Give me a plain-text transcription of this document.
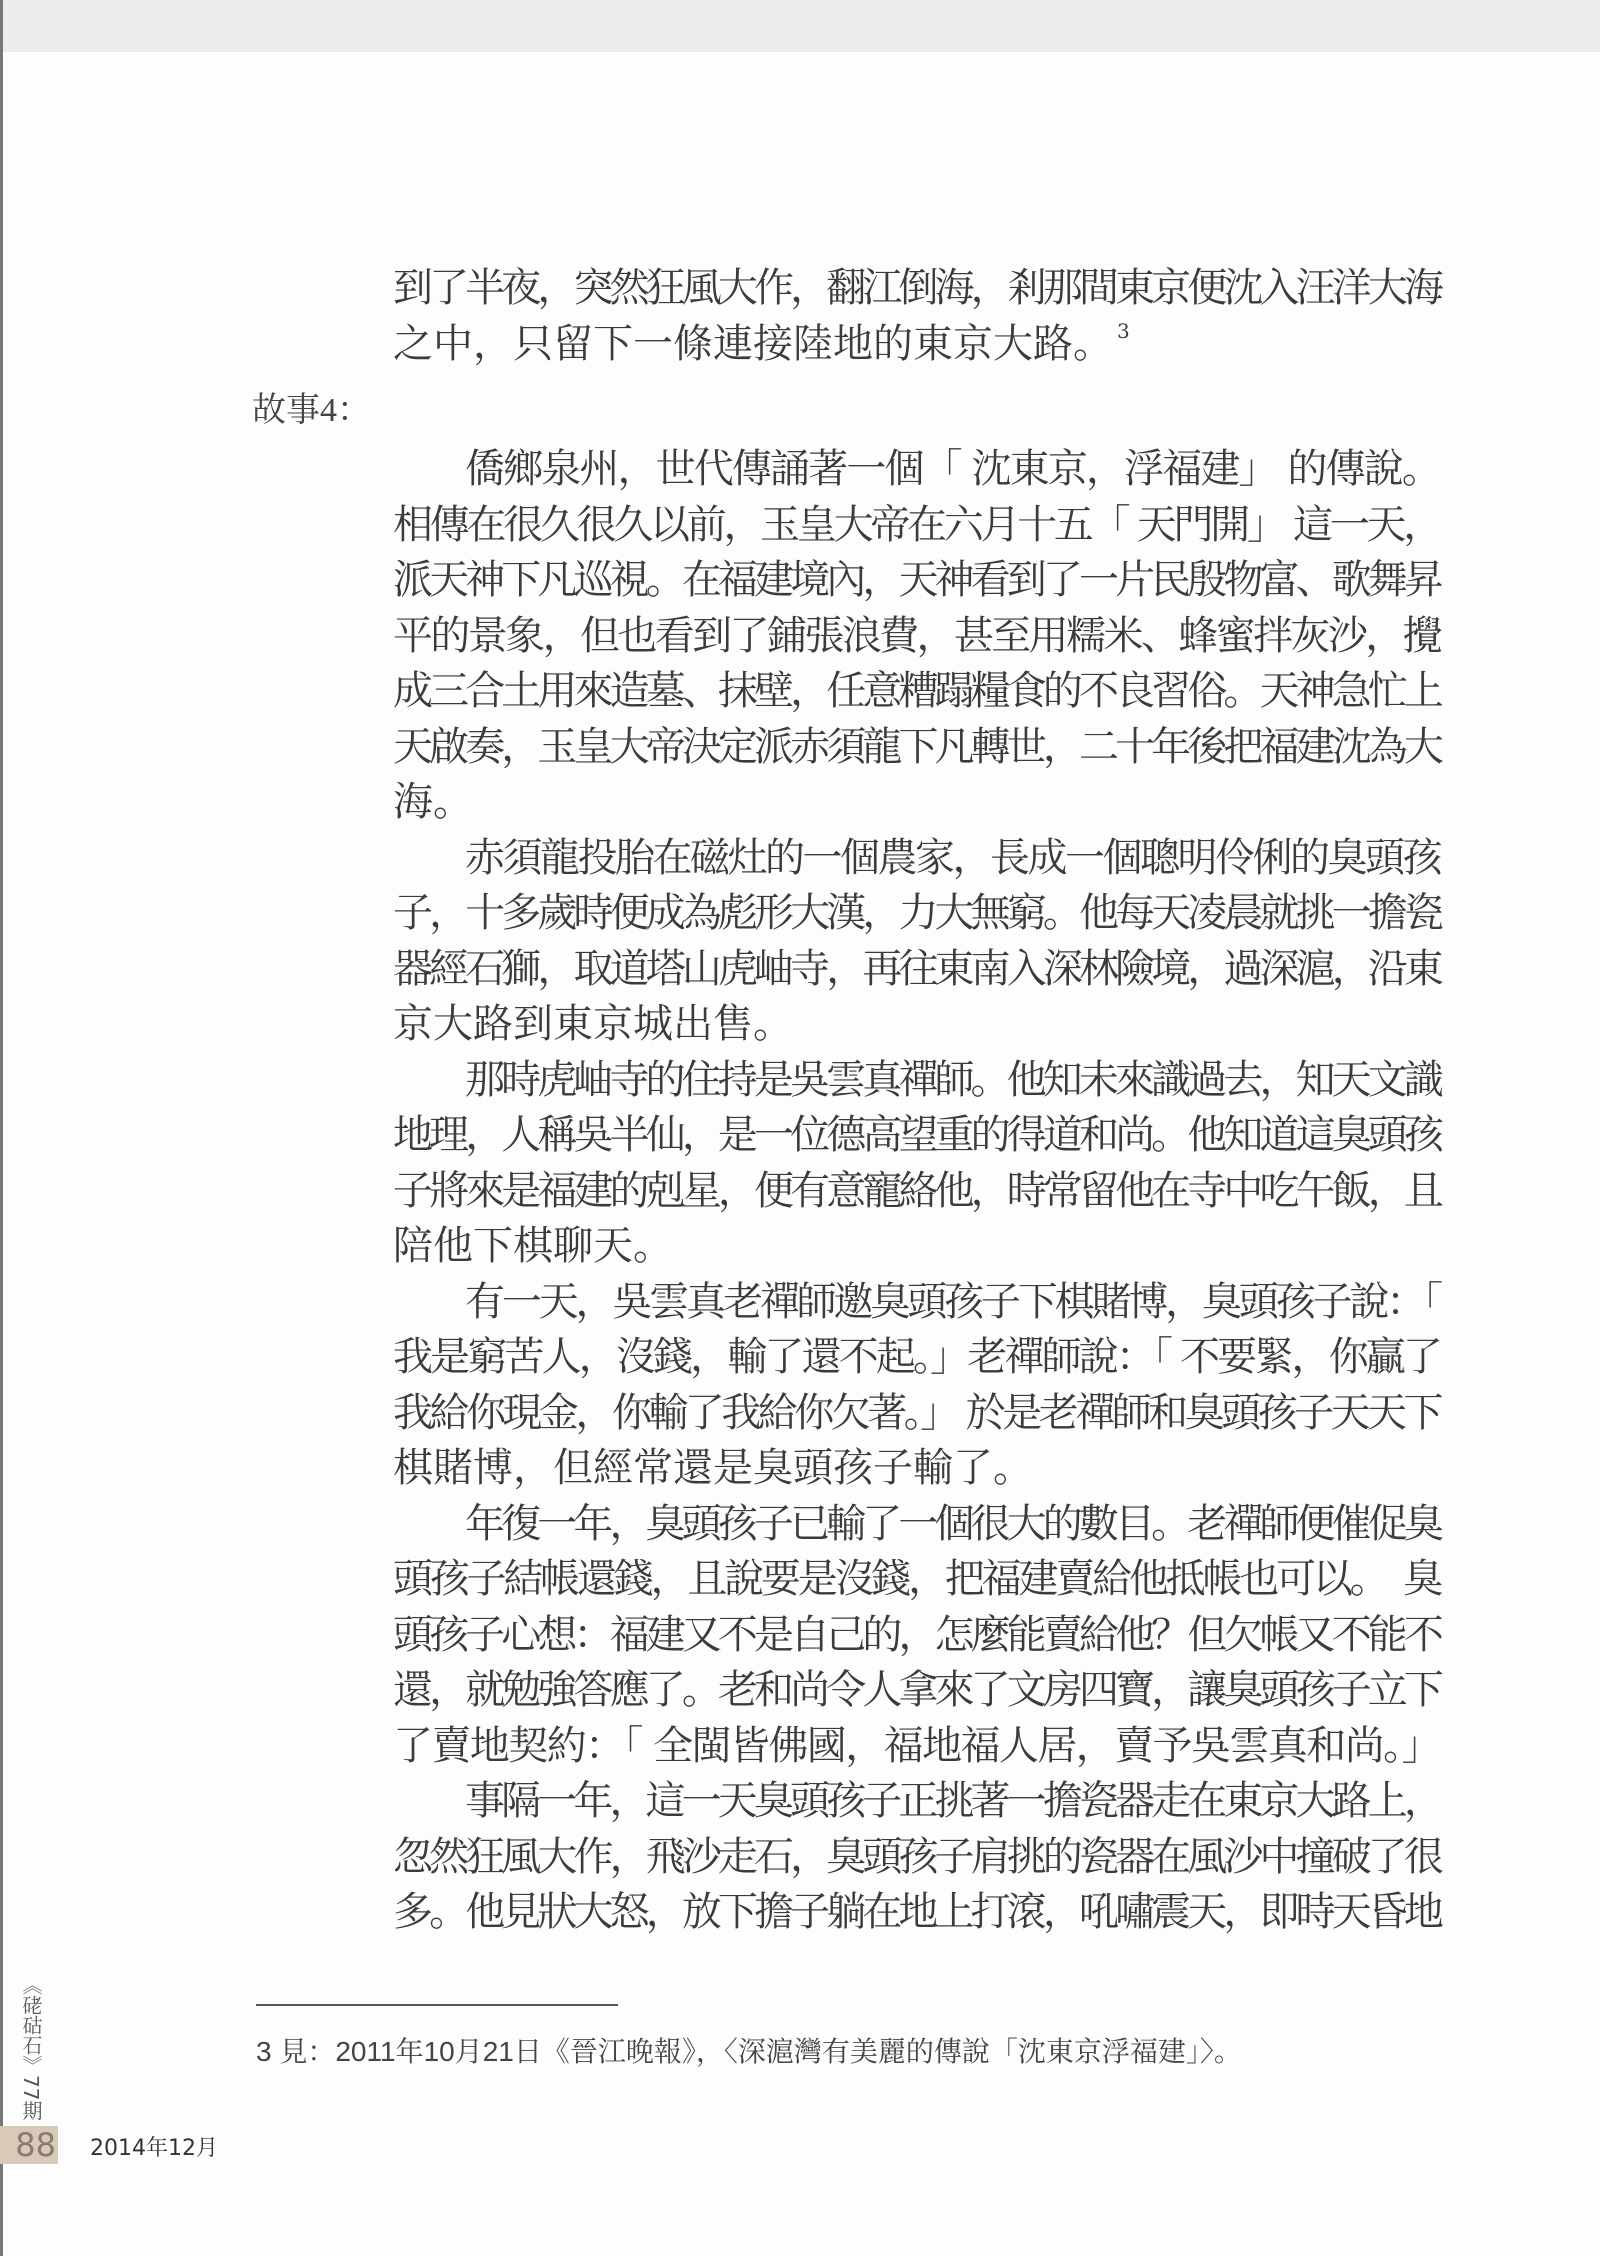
到了半夜，突然狂風大作，翻江倒海，剎那間東京便沈入汪洋大海
之中，只留下一條連接陸地的東京大路。 $^3$
故事4：
僑鄉泉州，世代傳誦著一個「 沈東京，浮福建」 的傳說。
相傳在很久很久以前，玉皇大帝在六月十五「 天門開」 這一天，
派天神下凡巡視。在福建境內，天神看到了一片民殷物富、歌舞昇
平的景象，但也看到了鋪張浪費，甚至用糯米、蜂蜜拌灰沙，攪
成三合土用來造墓、抹壁，任意糟蹋糧食的不良習俗。天神急忙上
天啟奏，玉皇大帝決定派赤須龍下凡轉世，二十年後把福建沈為大
海。
赤須龍投胎在磁灶的一個農家，長成一個聰明伶俐的臭頭孩
子，十多歲時便成為彪形大漢，力大無窮。他每天凌晨就挑一擔瓷
器經石獅，取道塔山虎岫寺，再往東南入深林險境，過深滬，沿東
京大路到東京城出售。
那時虎岫寺的住持是吳雲真禪師。他知未來識過去，知天文識
地理，人稱吳半仙，是一位德高望重的得道和尚。他知道這臭頭孩
子將來是福建的剋星，便有意寵絡他，時常留他在寺中吃午飯，且
陪他下棋聊天。
有一天，吳雲真老禪師邀臭頭孩子下棋賭博，臭頭孩子說：「
我是窮苦人，沒錢，輸了還不起。」老禪師說：「 不要緊，你贏了
我給你現金，你輸了我給你欠著。」 於是老禪師和臭頭孩子天天下
棋賭博，但經常還是臭頭孩子輸了。
年復一年，臭頭孩子已輸了一個很大的數目。老禪師便催促臭
頭孩子結帳還錢，且說要是沒錢，把福建賣給他抵帳也可以。　臭
頭孩子心想：福建又不是自己的，怎麼能賣給他？但欠帳又不能不
還，就勉強答應了。老和尚令人拿來了文房四寶，讓臭頭孩子立下
了賣地契約：「 全閩皆佛國，福地福人居，賣予吳雲真和尚。」
事隔一年，這一天臭頭孩子正挑著一擔瓷器走在東京大路上，
忽然狂風大作，飛沙走石，臭頭孩子肩挑的瓷器在風沙中撞破了很
多。他見狀大怒，放下擔子躺在地上打滾，吼嘯震天，即時天昏地
3 見：2011年10月21日《晉江晚報》，〈深滬灣有美麗的傳說「沈東京浮福建」〉。
《硓𥑮石》77期
88 2014年12月
